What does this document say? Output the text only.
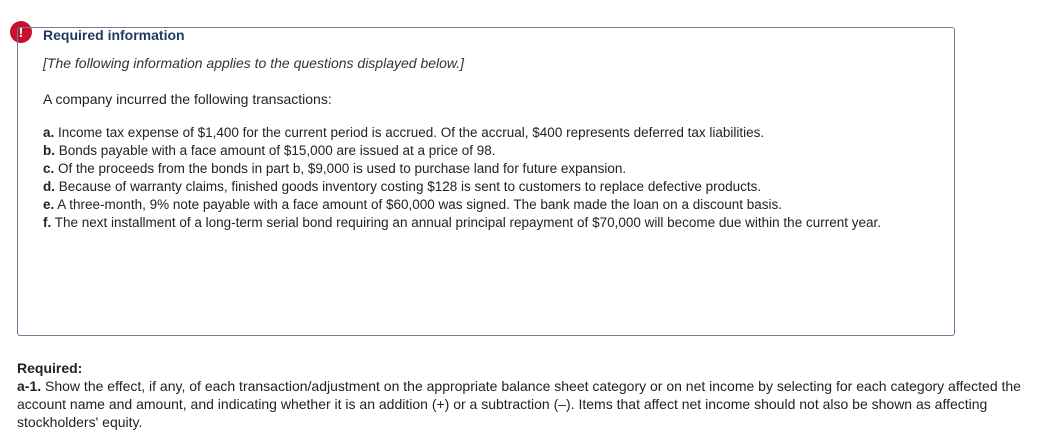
!	Required information

[The following information applies to the questions displayed below.]

A company incurred the following transactions:

a. Income tax expense of $1,400 for the current period is accrued. Of the accrual, $400 represents deferred tax liabilities.
b. Bonds payable with a face amount of $15,000 are issued at a price of 98.
c. Of the proceeds from the bonds in part b, $9,000 is used to purchase land for future expansion.
d. Because of warranty claims, finished goods inventory costing $128 is sent to customers to replace defective products.
e. A three-month, 9% note payable with a face amount of $60,000 was signed. The bank made the loan on a discount basis.
f. The next installment of a long-term serial bond requiring an annual principal repayment of $70,000 will become due within the current year.

Required:

a-1. Show the effect, if any, of each transaction/adjustment on the appropriate balance sheet category or on net income by selecting for each category affected the account name and amount, and indicating whether it is an addition (+) or a subtraction (–). Items that affect net income should not also be shown as affecting stockholders' equity.
